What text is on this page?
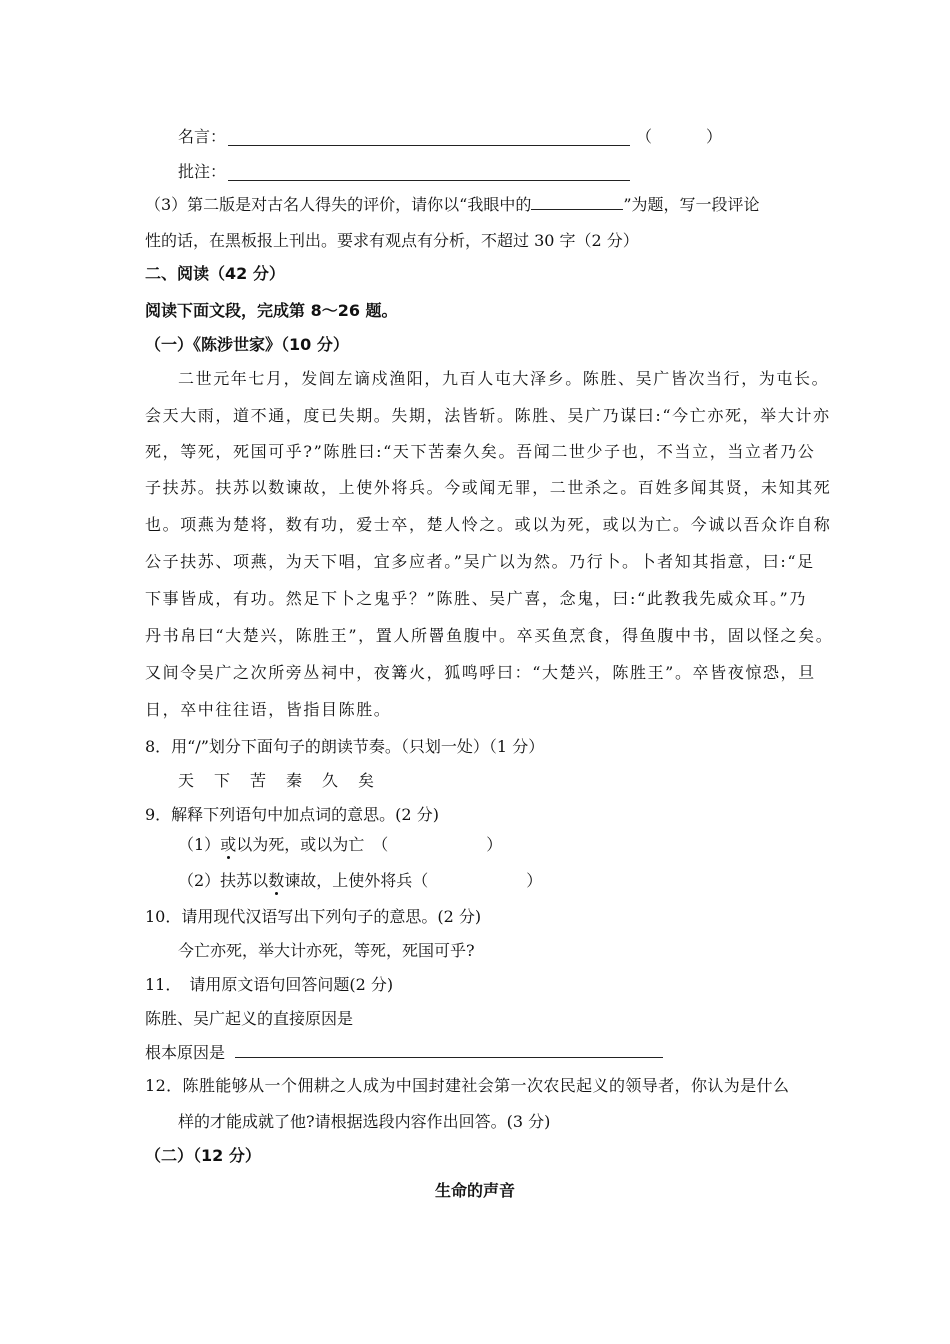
名言：	（	）
批注：
（3）第二版是对古名人得失的评价，请你以“我眼中的	”为题，写一段评论
性的话，在黑板报上刊出。要求有观点有分析，不超过 30 字（2 分）
二、阅读（42 分）
阅读下面文段，完成第 8～26 题。
（一）《陈涉世家》（10 分）
二世元年七月，发闾左谪戍渔阳，九百人屯大泽乡。陈胜、吴广皆次当行，为屯长。
会天大雨，道不通，度已失期。失期，法皆斩。陈胜、吴广乃谋曰:“今亡亦死，举大计亦
死，等死，死国可乎?”陈胜曰:“天下苦秦久矣。吾闻二世少子也，不当立，当立者乃公
子扶苏。扶苏以数谏故，上使外将兵。今或闻无罪，二世杀之。百姓多闻其贤，未知其死
也。项燕为楚将，数有功，爱士卒，楚人怜之。或以为死，或以为亡。今诚以吾众诈自称
公子扶苏、项燕，为天下唱，宜多应者。”吴广以为然。乃行卜。卜者知其指意，曰:“足
下事皆成，有功。然足下卜之鬼乎？”陈胜、吴广喜，念鬼，曰:“此教我先威众耳。”乃
丹书帛曰“大楚兴，陈胜王”，置人所罾鱼腹中。卒买鱼烹食，得鱼腹中书，固以怪之矣。
又间令吴广之次所旁丛祠中，夜篝火，狐鸣呼曰：“大楚兴，陈胜王”。卒皆夜惊恐，旦
日，卒中往往语，皆指目陈胜。
8．用“/”划分下面句子的朗读节奏。（只划一处）（1 分）
天　下　苦　秦　久　矣
9．解释下列语句中加点词的意思。(2 分)
（1）或以为死，或以为亡　（	）
（2）扶苏以数谏故，上使外将兵（	）
10．请用现代汉语写出下列句子的意思。(2 分)
今亡亦死，举大计亦死，等死，死国可乎?
11．　请用原文语句回答问题(2 分)
陈胜、吴广起义的直接原因是
根本原因是
12．陈胜能够从一个佣耕之人成为中国封建社会第一次农民起义的领导者，你认为是什么
样的才能成就了他?请根据选段内容作出回答。(3 分)
（二）（12 分）
生命的声音
